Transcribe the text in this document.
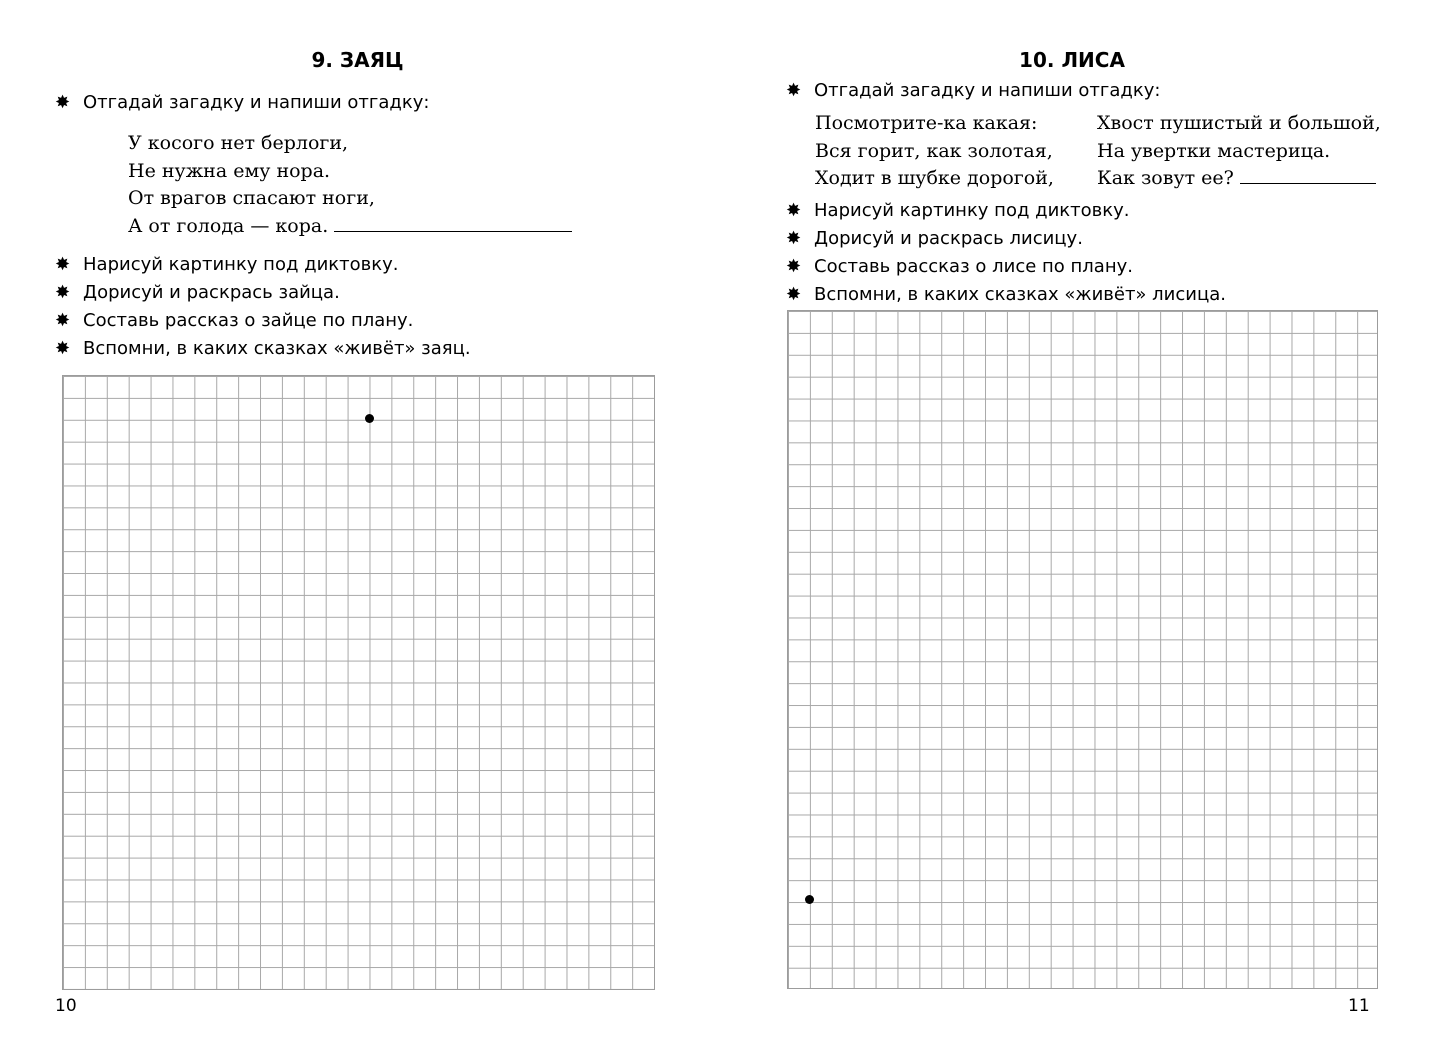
9. ЗАЯЦ
✸ Отгадай загадку и напиши отгадку:
У косого нет берлоги,
Не нужна ему нора.
От врагов спасают ноги,
А от голода — кора.
✸ Нарисуй картинку под диктовку.
✸ Дорисуй и раскрась зайца.
✸ Составь рассказ о зайце по плану.
✸ Вспомни, в каких сказках «живёт» заяц.
10
10. ЛИСА
✸ Отгадай загадку и напиши отгадку:
Посмотрите-ка какая:
Вся горит, как золотая,
Ходит в шубке дорогой,
Хвост пушистый и большой,
На увертки мастерица.
Как зовут ее?
✸ Нарисуй картинку под диктовку.
✸ Дорисуй и раскрась лисицу.
✸ Составь рассказ о лисе по плану.
✸ Вспомни, в каких сказках «живёт» лисица.
11
